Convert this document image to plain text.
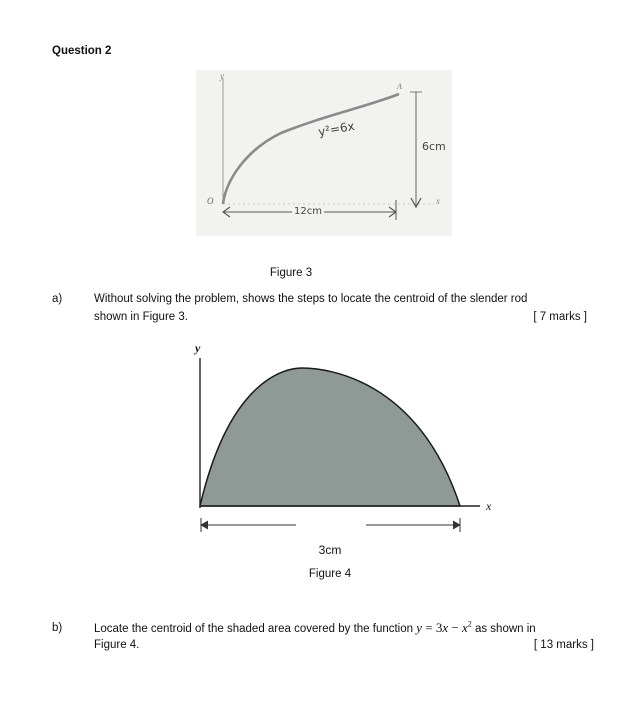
Question 2
y
x
O
A
y²=6x
6cm
12cm
Figure 3
a)	Without solving the problem, shows the steps to locate the centroid of the slender rod
shown in Figure 3.	[ 7 marks ]
y
x
3cm
Figure 4
b)	Locate the centroid of the shaded area covered by the function $y = 3x - x^2$ as shown in
Figure 4.	[ 13 marks ]
